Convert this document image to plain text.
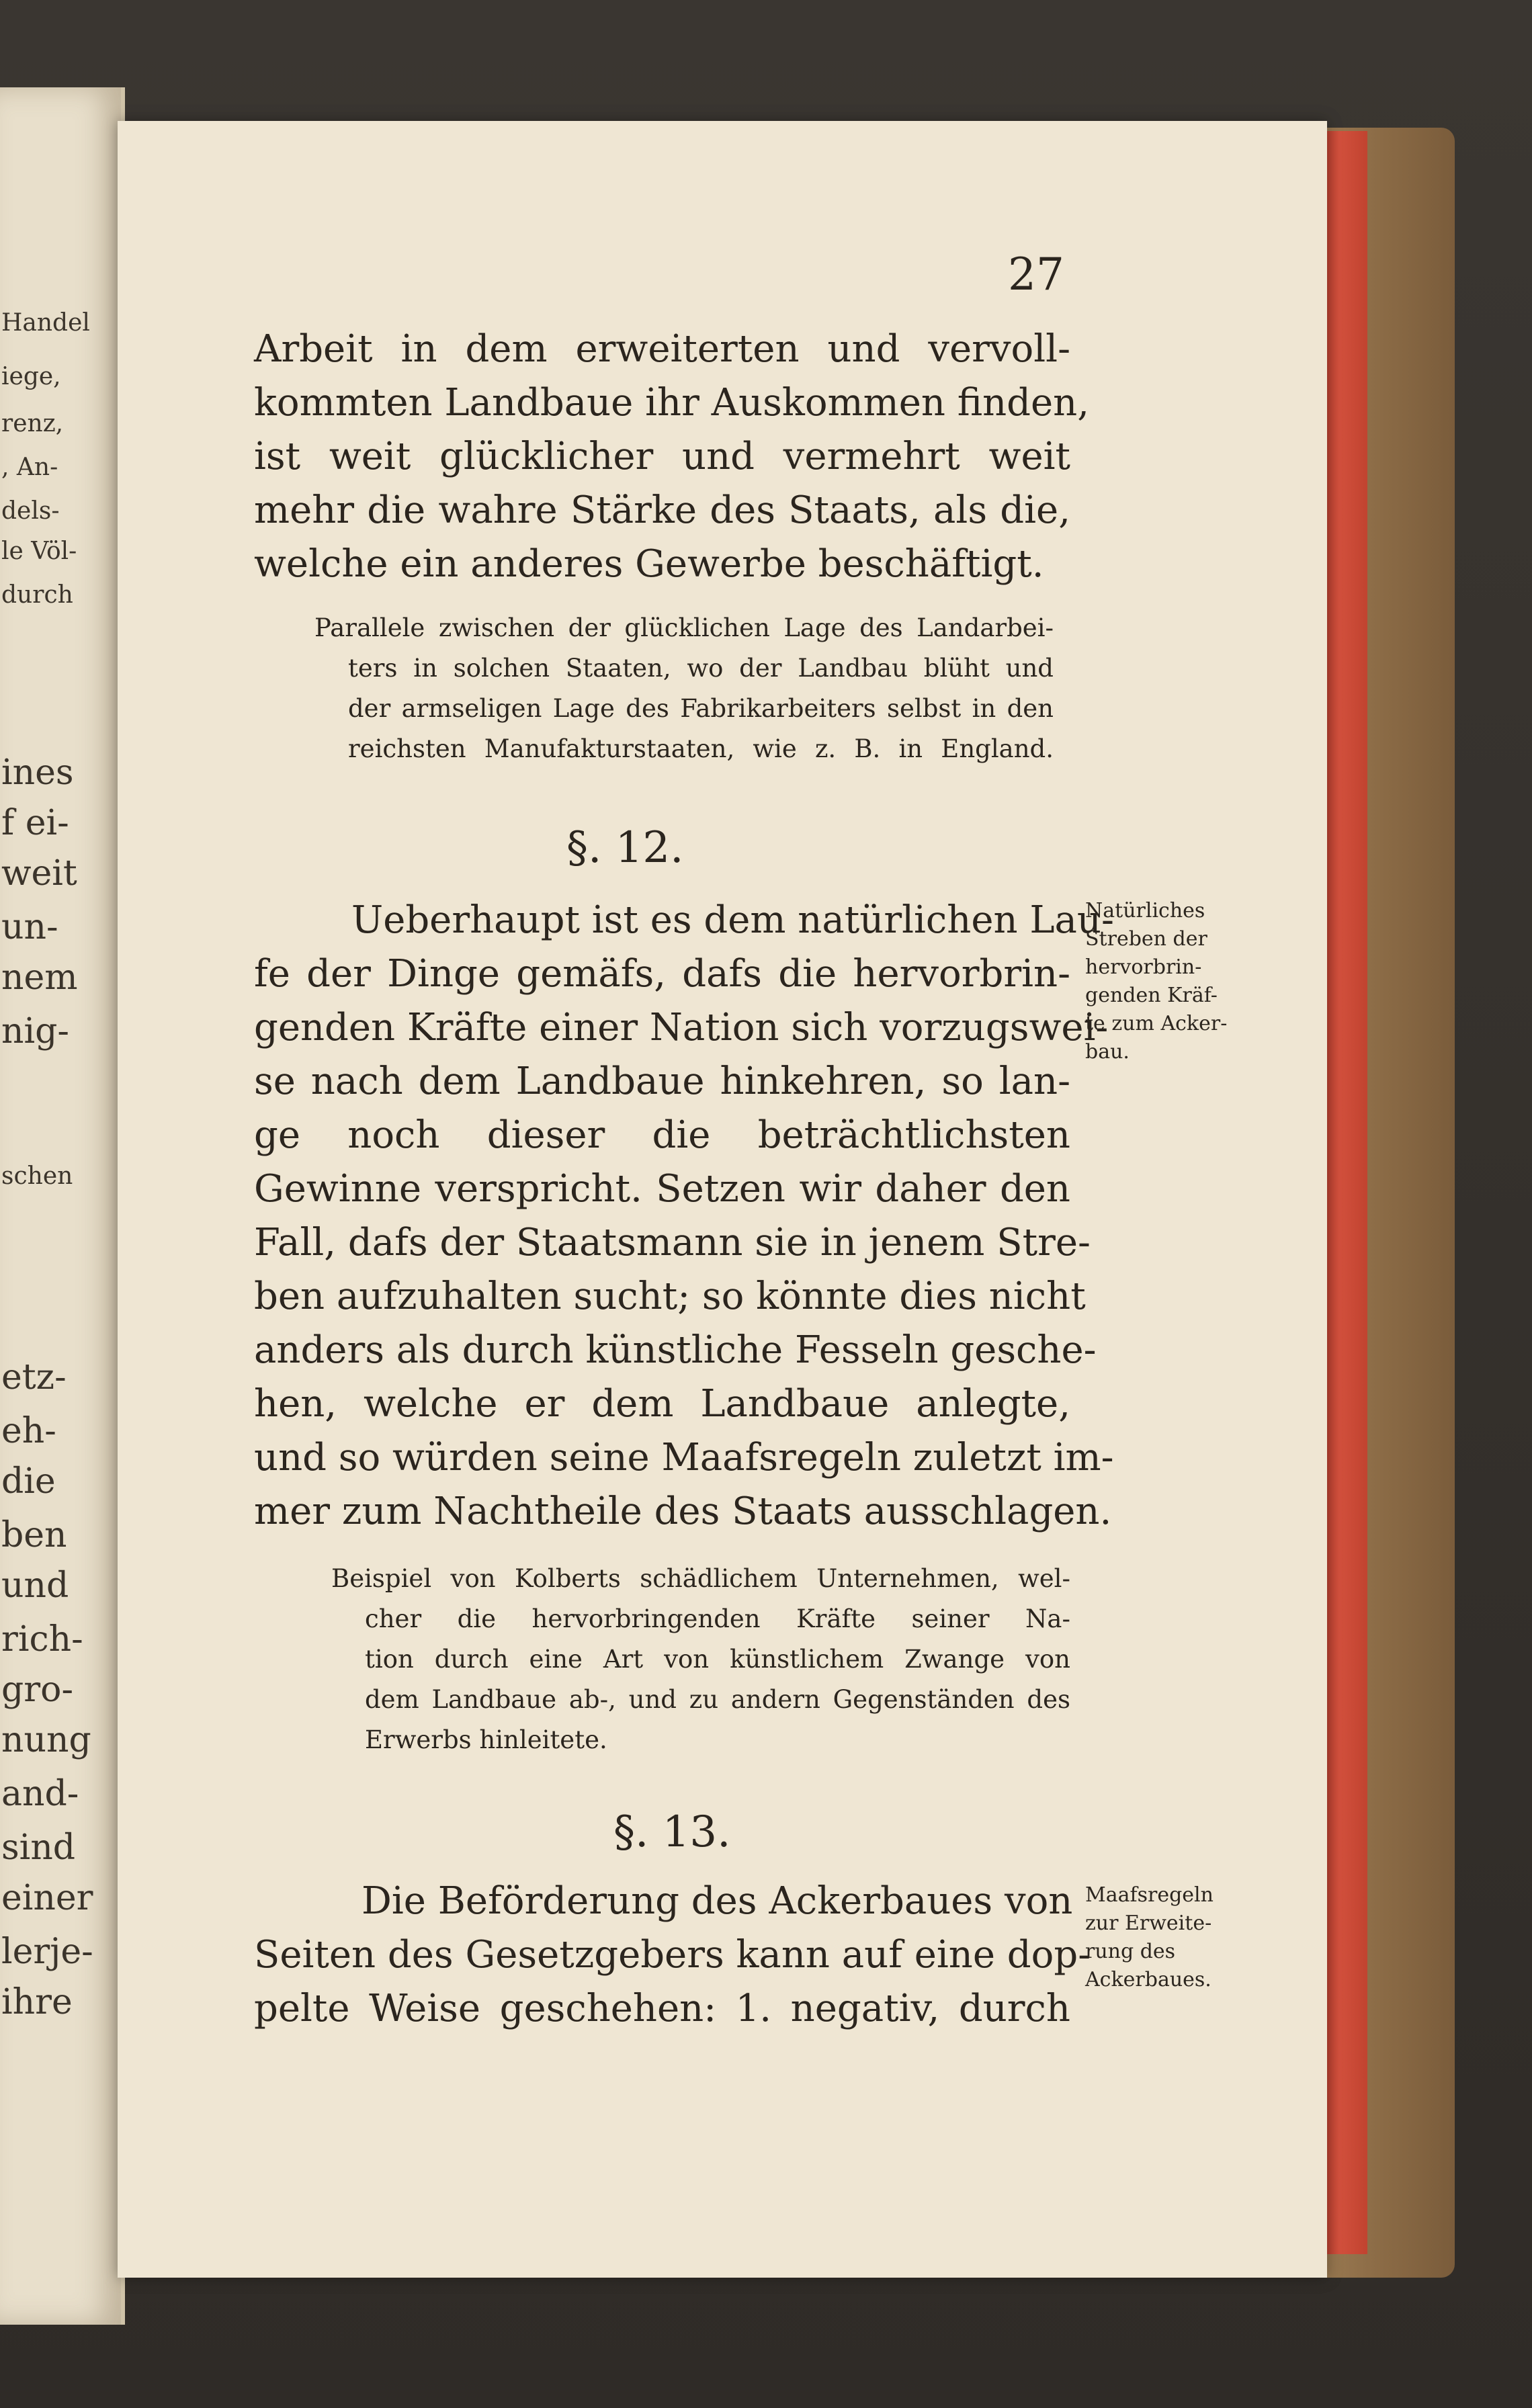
Handel
iege,
renz,
, An-
dels-
le Völ-
durch
ines
f ei-
weit
un-
nem
nig-
schen
etz-
eh-
die
ben
und
rich-
gro-
nung
and-
sind
einer
lerje-
ihre
27
Arbeit in dem erweiterten und vervoll-
kommten Landbaue ihr Auskommen finden,
ist weit glücklicher und vermehrt weit
mehr die wahre Stärke des Staats, als die,
welche ein anderes Gewerbe beschäftigt.
Parallele zwischen der glücklichen Lage des Landarbei-
ters in solchen Staaten, wo der Landbau blüht und
der armseligen Lage des Fabrikarbeiters selbst in den
reichsten Manufakturstaaten, wie z. B. in England.
§. 12.
Ueberhaupt ist es dem natürlichen Lau-
fe der Dinge gemäfs, dafs die hervorbrin-
genden Kräfte einer Nation sich vorzugswei-
se nach dem Landbaue hinkehren, so lan-
ge noch dieser die beträchtlichsten
Gewinne verspricht. Setzen wir daher den
Fall, dafs der Staatsmann sie in jenem Stre-
ben aufzuhalten sucht; so könnte dies nicht
anders als durch künstliche Fesseln gesche-
hen, welche er dem Landbaue anlegte,
und so würden seine Maafsregeln zuletzt im-
mer zum Nachtheile des Staats ausschlagen.
Natürliches
Streben der
hervorbrin-
genden Kräf-
te zum Acker-
bau.
Beispiel von Kolberts schädlichem Unternehmen, wel-
cher die hervorbringenden Kräfte seiner Na-
tion durch eine Art von künstlichem Zwange von
dem Landbaue ab-, und zu andern Gegenständen des
Erwerbs hinleitete.
§. 13.
Die Beförderung des Ackerbaues von
Seiten des Gesetzgebers kann auf eine dop-
pelte Weise geschehen: 1. negativ, durch
Maafsregeln
zur Erweite-
rung des
Ackerbaues.
